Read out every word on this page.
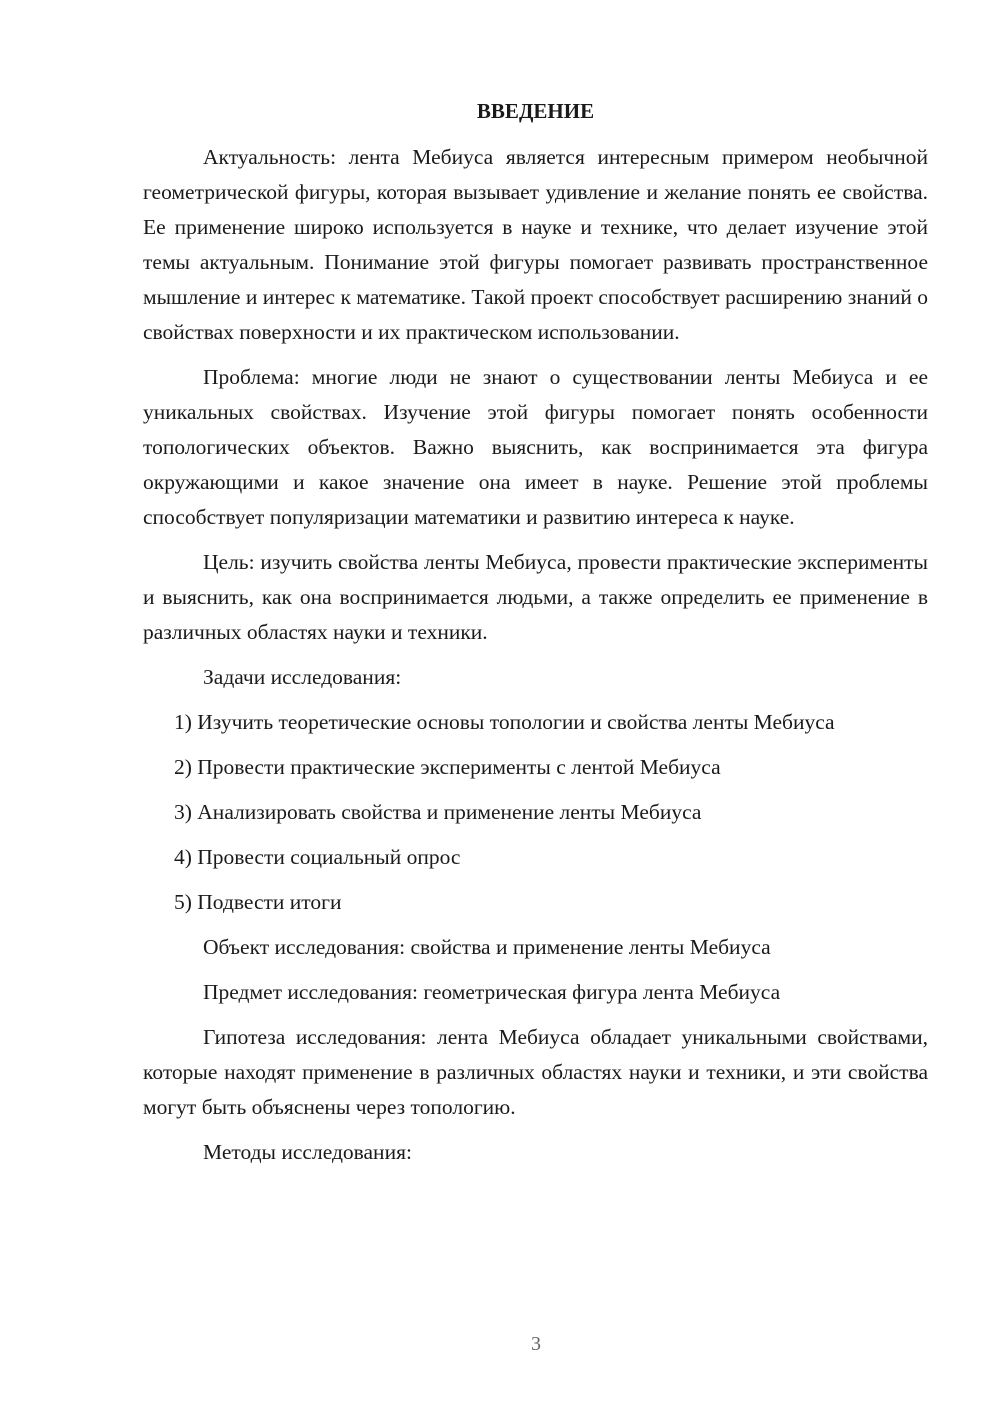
ВВЕДЕНИЕ

Актуальность: лента Мебиуса является интересным примером необычной геометрической фигуры, которая вызывает удивление и желание понять ее свойства. Ее применение широко используется в науке и технике, что делает изучение этой темы актуальным. Понимание этой фигуры помогает развивать пространственное мышление и интерес к математике. Такой проект способствует расширению знаний о свойствах поверхности и их практическом использовании.

Проблема: многие люди не знают о существовании ленты Мебиуса и ее уникальных свойствах. Изучение этой фигуры помогает понять особенности топологических объектов. Важно выяснить, как воспринимается эта фигура окружающими и какое значение она имеет в науке. Решение этой проблемы способствует популяризации математики и развитию интереса к науке.

Цель: изучить свойства ленты Мебиуса, провести практические эксперименты и выяснить, как она воспринимается людьми, а также определить ее применение в различных областях науки и техники.

Задачи исследования:

1) Изучить теоретические основы топологии и свойства ленты Мебиуса

2) Провести практические эксперименты с лентой Мебиуса

3) Анализировать свойства и применение ленты Мебиуса

4) Провести социальный опрос

5) Подвести итоги

Объект исследования: свойства и применение ленты Мебиуса

Предмет исследования: геометрическая фигура лента Мебиуса

Гипотеза исследования: лента Мебиуса обладает уникальными свойствами, которые находят применение в различных областях науки и техники, и эти свойства могут быть объяснены через топологию.

Методы исследования:

3
